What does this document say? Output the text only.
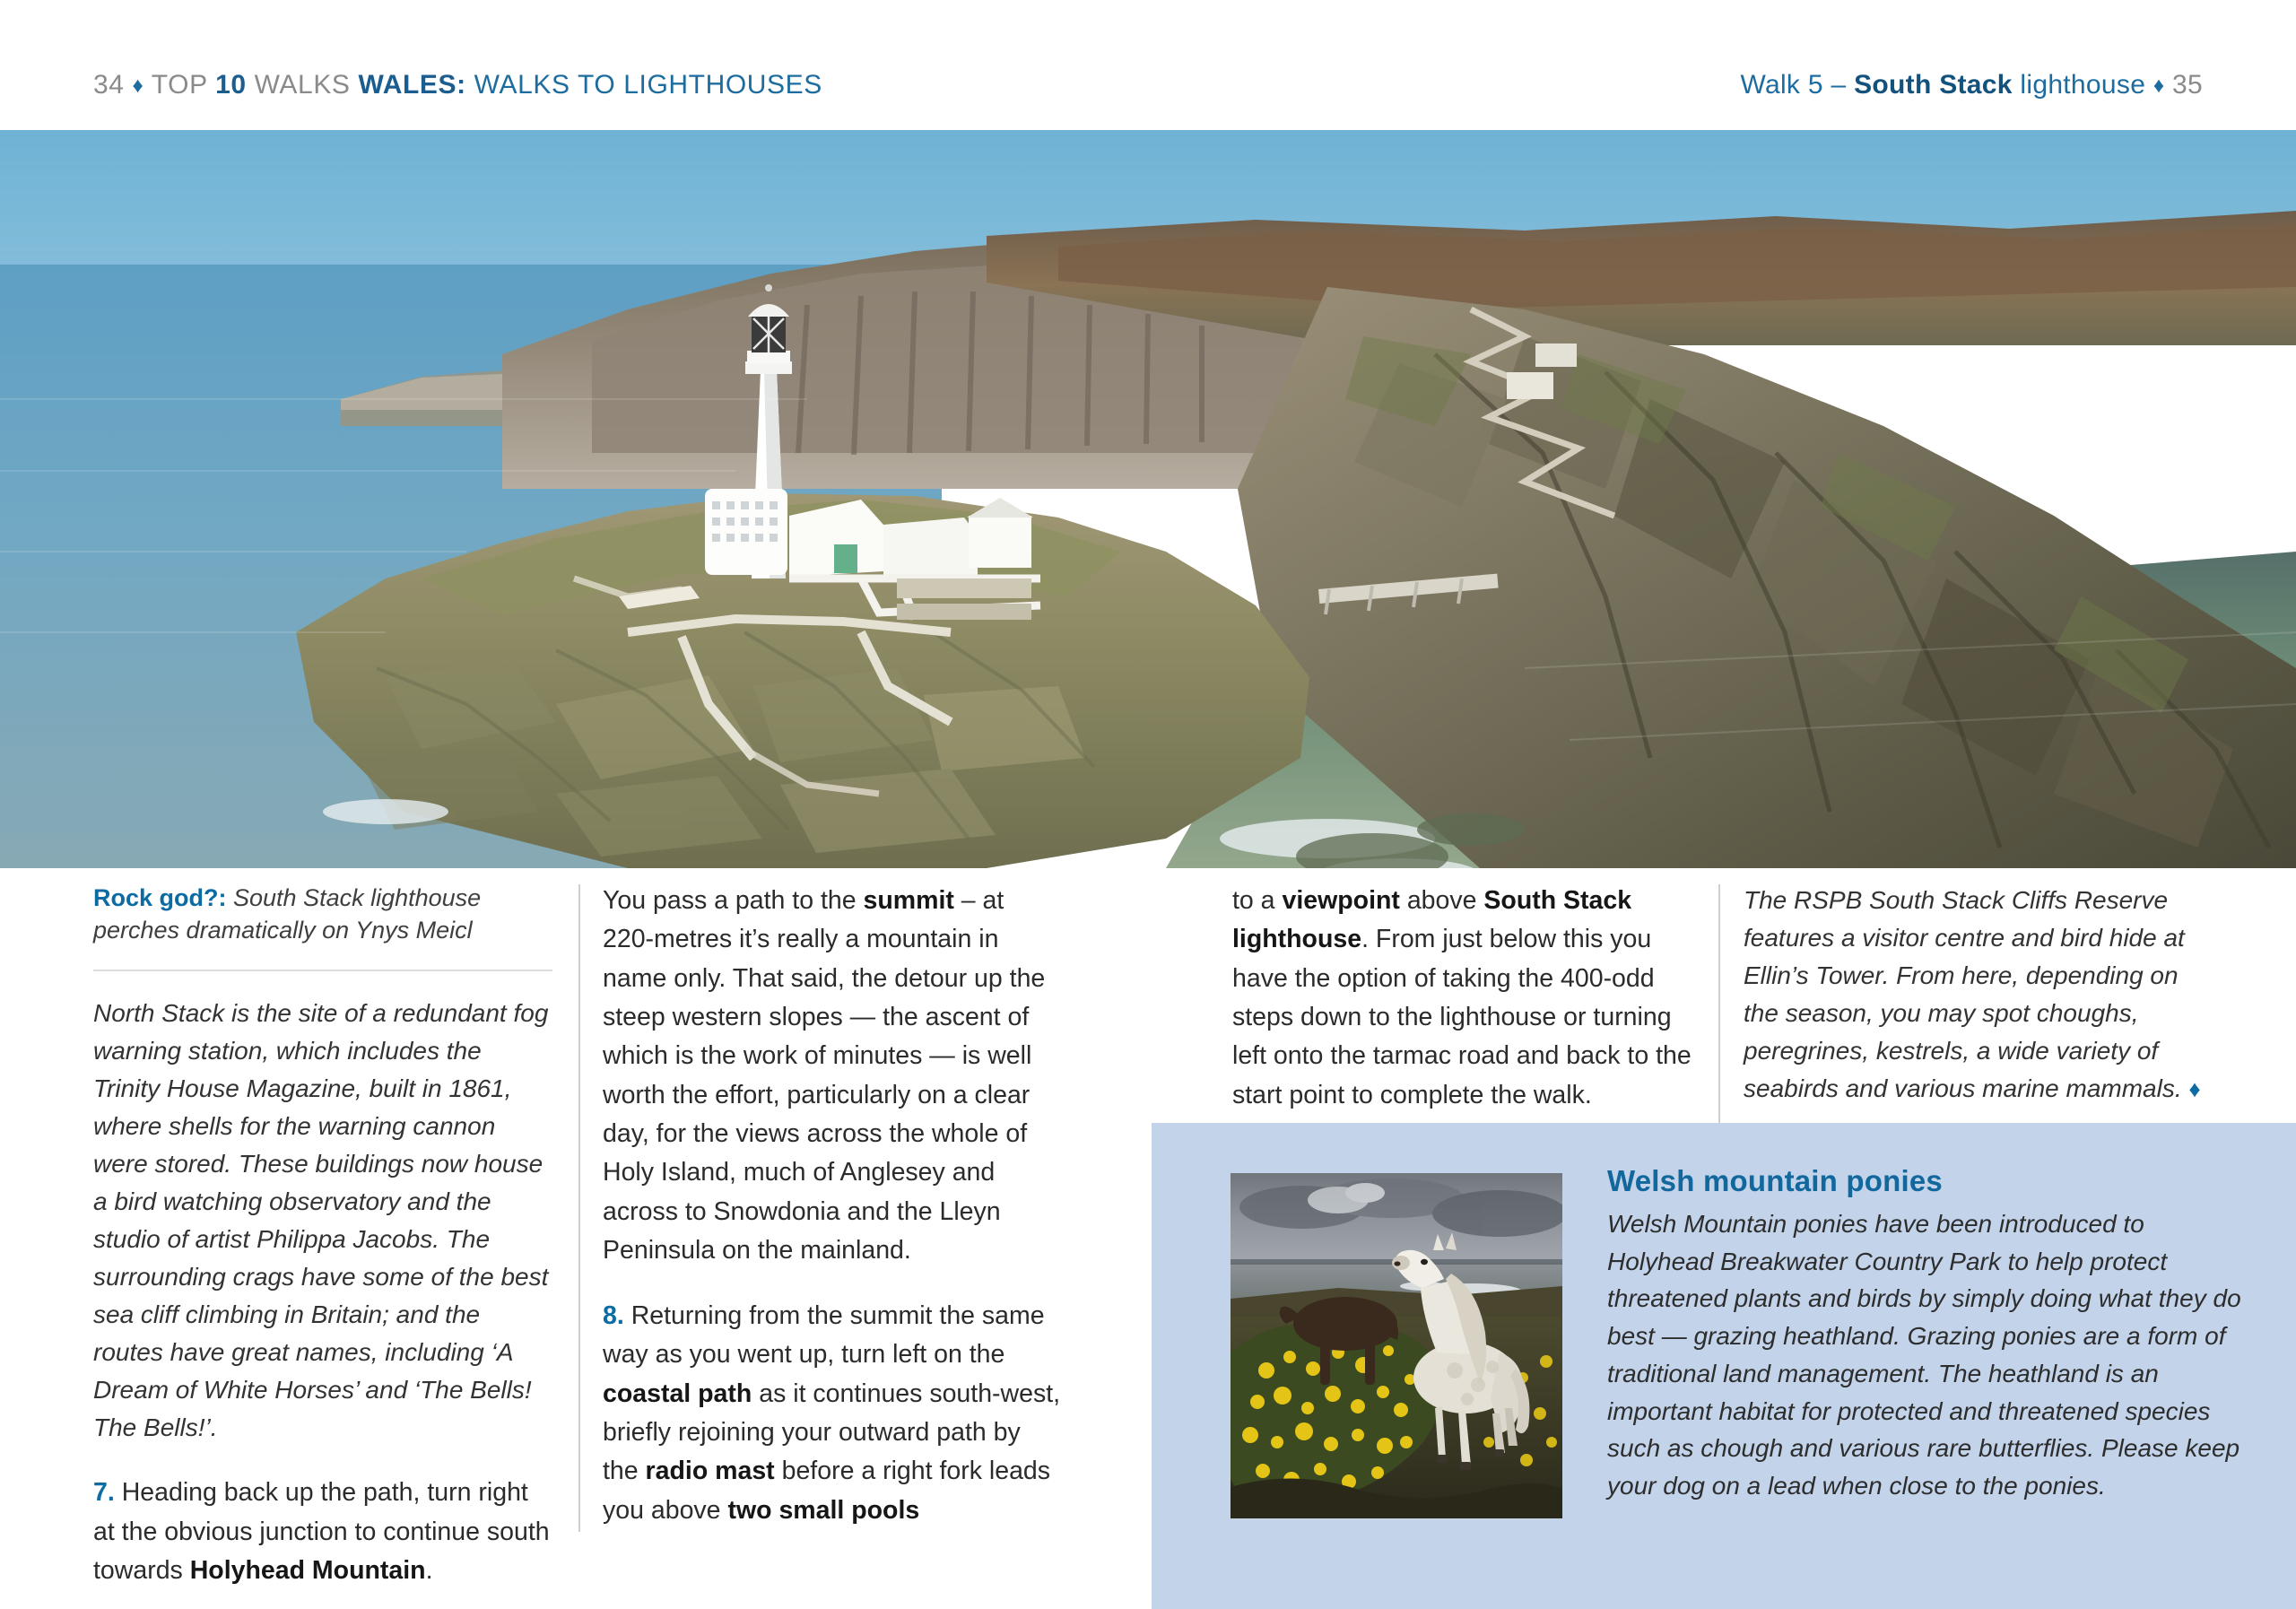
34 ♦ TOP 10 WALKS WALES: WALKS TO LIGHTHOUSES	Walk 5 – South Stack lighthouse ♦ 35
Rock god?: South Stack lighthouse perches dramatically on Ynys Meicl

North Stack is the site of a redundant fog warning station, which includes the Trinity House Magazine, built in 1861, where shells for the warning cannon were stored. These buildings now house a bird watching observatory and the studio of artist Philippa Jacobs. The surrounding crags have some of the best sea cliff climbing in Britain; and the routes have great names, including ‘A Dream of White Horses’ and ‘The Bells! The Bells!’.

7. Heading back up the path, turn right at the obvious junction to continue south towards Holyhead Mountain.

You pass a path to the summit – at 220-metres it’s really a mountain in name only. That said, the detour up the steep western slopes — the ascent of which is the work of minutes — is well worth the effort, particularly on a clear day, for the views across the whole of Holy Island, much of Anglesey and across to Snowdonia and the Lleyn Peninsula on the mainland.

8. Returning from the summit the same way as you went up, turn left on the coastal path as it continues south-west, briefly rejoining your outward path by the radio mast before a right fork leads you above two small pools

to a viewpoint above South Stack lighthouse. From just below this you have the option of taking the 400-odd steps down to the lighthouse or turning left onto the tarmac road and back to the start point to complete the walk.

The RSPB South Stack Cliffs Reserve features a visitor centre and bird hide at Ellin’s Tower. From here, depending on the season, you may spot choughs, peregrines, kestrels, a wide variety of seabirds and various marine mammals. ♦

Welsh mountain ponies
Welsh Mountain ponies have been introduced to Holyhead Breakwater Country Park to help protect threatened plants and birds by simply doing what they do best — grazing heathland. Grazing ponies are a form of traditional land management. The heathland is an important habitat for protected and threatened species such as chough and various rare butterflies. Please keep your dog on a lead when close to the ponies.
